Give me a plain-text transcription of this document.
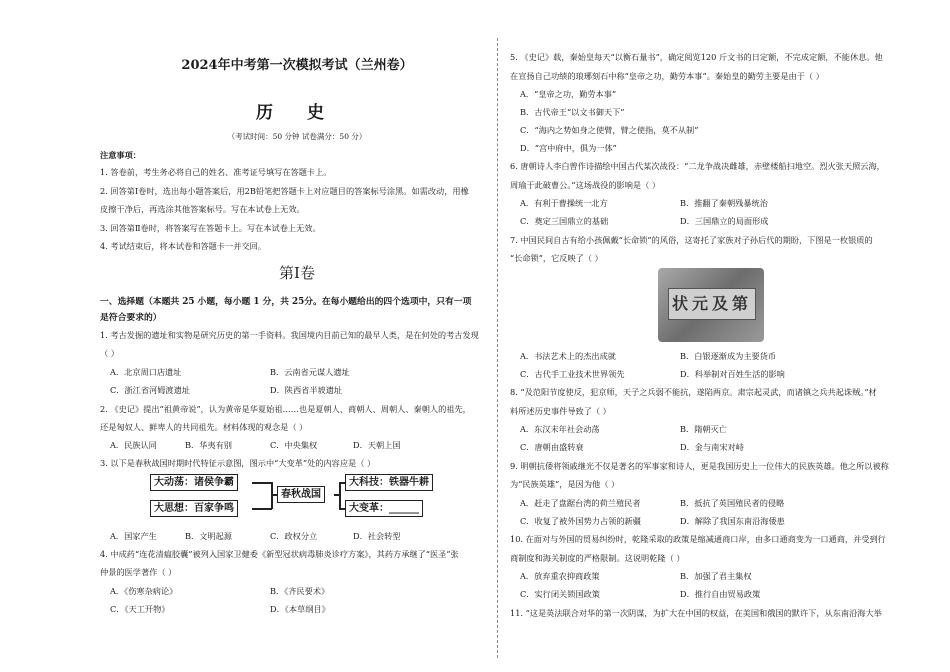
2024年中考第一次模拟考试（兰州卷）
历 史
（考试时间：50 分钟 试卷满分：50 分）
注意事项：
1. 答卷前，考生务必将自己的姓名、准考证号填写在答题卡上。
2. 回答第Ⅰ卷时，选出每小题答案后，用2B铅笔把答题卡上对应题目的答案标号涂黑。如需改动，用橡
皮擦干净后，再选涂其他答案标号。写在本试卷上无效。
3. 回答第Ⅱ卷时，将答案写在答题卡上。写在本试卷上无效。
4. 考试结束后，将本试卷和答题卡一并交回。
第Ⅰ卷
一、选择题（本题共 25 小题，每小题 1 分，共 25分。在每小题给出的四个选项中，只有一项
是符合要求的）
1. 考古发掘的遗址和实物是研究历史的第一手资料。我国境内目前已知的最早人类，是在何处的考古发现
（ ）
A．北京周口店遗址	B．云南省元谋人遗址
C．浙江省河姆渡遗址	D．陕西省半坡遗址
2. 《史记》提出“祖黄帝说”，认为黄帝是华夏始祖……也是夏朝人、商朝人、周朝人、秦朝人的祖先，
还是匈奴人、鲜卑人的共同祖先。材料体现的观念是（ ）
A．民族认同	B．华夷有别	C．中央集权	D．天朝上国
3. 以下是春秋战国时期时代特征示意图，图示中“大变革”处的内容应是（ ）
大动荡：诸侯争霸
大思想：百家争鸣
春秋战国
大科技：铁器牛耕
大变革：______
A．国家产生	B．文明起源	C．政权分立	D．社会转型
4. 中成药“连花清瘟胶囊”被列入国家卫健委《新型冠状病毒肺炎诊疗方案》，其药方承继了“医圣”张
仲景的医学著作（ ）
A．《伤寒杂病论》	B．《齐民要术》
C．《天工开物》	D．《本草纲目》
5. 《史记》载，秦始皇每天“以衡石量书”，确定阅览120 斤文书的日定额，不完成定额，不能休息。他
在宣扬自己功绩的琅琊刻石中称“皇帝之功，勤劳本事”。秦始皇的勤劳主要是由于（ ）
A．“皇帝之功，勤劳本事”
B．古代帝王“以文书御天下”
C．“海内之势如身之使臂，臂之使指，莫不从制”
D．“宫中府中，俱为一体”
6. 唐朝诗人李白曾作诗描绘中国古代某次战役：“二龙争战决雌雄，赤壁楼船扫地空。烈火张天照云海，
周瑜于此破曹公。”这场战役的影响是（ ）
A．有利于曹操统一北方	B．推翻了秦朝残暴统治
C．奠定三国鼎立的基础	D．三国鼎立的局面形成
7. 中国民间自古有给小孩佩戴“长命锁”的风俗，这寄托了家族对子孙后代的期盼，下图是一枚银质的
“长命锁”，它反映了（ ）
状元及第
A．书法艺术上的杰出成就	B．白银逐渐成为主要货币
C．古代手工业技术世界领先	D．科举制对百姓生活的影响
8. “及范阳节度使反，犯京师，天子之兵弱不能抗，遂陷两京。肃宗起灵武，而诸镇之兵共起诛贼。”材
料所述历史事件导致了（ ）
A．东汉末年社会动荡	B．隋朝灭亡
C．唐朝由盛转衰	D．金与南宋对峙
9. 明朝抗倭将领戚继光不仅是著名的军事家和诗人，更是我国历史上一位伟大的民族英雄。他之所以被称
为“民族英雄”，是因为他（ ）
A．赶走了盘踞台湾的荷兰殖民者	B．抵抗了英国殖民者的侵略
C．收复了被外国势力占领的新疆	D．解除了我国东南沿海倭患
10. 在面对与外国的贸易纠纷时，乾隆采取的政策是缩减通商口岸，由多口通商变为一口通商，并受到行
商制度和海关制度的严格限制。这说明乾隆（ ）
A．放弃重农抑商政策	B．加强了君主集权
C．实行闭关锁国政策	D．推行自由贸易政策
11. “这是英法联合对华的第一次阴谋，为扩大在中国的权益，在美国和俄国的默许下，从东南沿海大举
